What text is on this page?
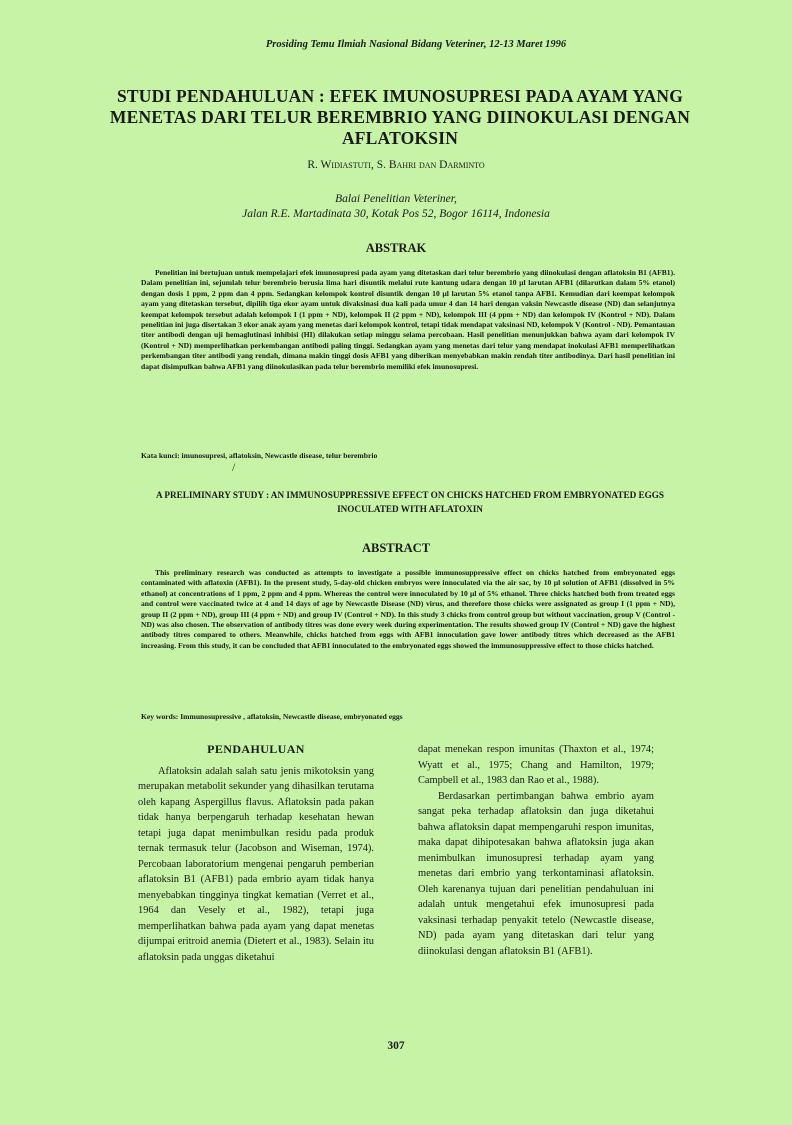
Prosiding Temu Ilmiah Nasional Bidang Veteriner, 12-13 Maret 1996
STUDI PENDAHULUAN : EFEK IMUNOSUPRESI PADA AYAM YANG MENETAS DARI TELUR BEREMBRIO YANG DIINOKULASI DENGAN AFLATOKSIN
R. Widiastuti, S. Bahri dan Darminto
Balai Penelitian Veteriner,
Jalan R.E. Martadinata 30, Kotak Pos 52, Bogor 16114, Indonesia
ABSTRAK
Penelitian ini bertujuan untuk mempelajari efek imunosupresi pada ayam yang ditetaskan dari telur berembrio yang diinokulasi dengan aflatoksin B1 (AFB1). Dalam penelitian ini, sejumlah telur berembrio berusia lima hari disuntik melalui rute kantung udara dengan 10 µl larutan AFB1 (dilarutkan dalam 5% etanol) dengan dosis 1 ppm, 2 ppm dan 4 ppm. Sedangkan kelompok kontrol disuntik dengan 10 µl larutan 5% etanol tanpa AFB1. Kemudian dari keempat kelompok ayam yang ditetaskan tersebut, dipilih tiga ekor ayam untuk divaksinasi dua kali pada umur 4 dan 14 hari dengan vaksin Newcastle disease (ND) dan selanjutnya keempat kelompok tersebut adalah kelompok I (1 ppm + ND), kelompok II (2 ppm + ND), kelompok III (4 ppm + ND) dan kelompok IV (Kontrol + ND). Dalam penelitian ini juga disertakan 3 ekor anak ayam yang menetas dari kelompok kontrol, tetapi tidak mendapat vaksinasi ND, kelompok V (Kontrol - ND). Pemantauan titer antibodi dengan uji hemaglutinasi inhibisi (HI) dilakukan setiap minggu selama percobaan. Hasil penelitian menunjukkan bahwa ayam dari kelompok IV (Kontrol + ND) memperlihatkan perkembangan antibodi paling tinggi. Sedangkan ayam yang menetas dari telur yang mendapat inokulasi AFB1 memperlihatkan perkembangan titer antibodi yang rendah, dimana makin tinggi dosis AFB1 yang diberikan menyebabkan makin rendah titer antibodinya. Dari hasil penelitian ini dapat disimpulkan bahwa AFB1 yang diinokulasikan pada telur berembrio memiliki efek imunosupresi.
Kata kunci: imunosupresi, aflatoksin, Newcastle disease, telur berembrio
/
A PRELIMINARY STUDY : AN IMMUNOSUPPRESSIVE EFFECT ON CHICKS HATCHED FROM EMBRYONATED EGGS INOCULATED WITH AFLATOXIN
ABSTRACT
This preliminary research was conducted as attempts to investigate a possible immunosuppressive effect on chicks hatched from embryonated eggs contaminated with aflatoxin (AFB1). In the present study, 5-day-old chicken embryos were innoculated via the air sac, by 10 µl solution of AFB1 (dissolved in 5% ethanol) at concentrations of 1 ppm, 2 ppm and 4 ppm. Whereas the control were innoculated by 10 µl of 5% ethanol. Three chicks hatched both from treated eggs and control were vaccinated twice at 4 and 14 days of age by Newcastle Disease (ND) virus, and therefore those chicks were assignated as group I (1 ppm + ND), group II (2 ppm + ND), group III (4 ppm + ND) and group IV (Control + ND). In this study 3 chicks from control group but without vaccination, group V (Control - ND) was also chosen. The observation of antibody titres was done every week during experimentation. The results showed group IV (Control + ND) gave the highest antibody titres compared to others. Meanwhile, chicks hatched from eggs with AFB1 innoculation gave lower antibody titres which decreased as the AFB1 increasing. From this study, it can be concluded that AFB1 innoculated to the embryonated eggs showed the immunosuppressive effect to those chicks hatched.
Key words: Immunosupressive , aflatoksin, Newcastle disease, embryonated eggs
PENDAHULUAN

Aflatoksin adalah salah satu jenis mikotoksin yang merupakan metabolit sekunder yang dihasilkan terutama oleh kapang Aspergillus flavus. Aflatoksin pada pakan tidak hanya berpengaruh terhadap kesehatan hewan tetapi juga dapat menimbulkan residu pada produk ternak termasuk telur (Jacobson and Wiseman, 1974). Percobaan laboratorium mengenai pengaruh pemberian aflatoksin B1 (AFB1) pada embrio ayam tidak hanya menyebabkan tingginya tingkat kematian (Verret et al., 1964 dan Vesely et al., 1982), tetapi juga memperlihatkan bahwa pada ayam yang dapat menetas dijumpai eritroid anemia (Dietert et al., 1983). Selain itu aflatoksin pada unggas diketahui

dapat menekan respon imunitas (Thaxton et al., 1974; Wyatt et al., 1975; Chang and Hamilton, 1979; Campbell et al., 1983 dan Rao et al., 1988).

Berdasarkan pertimbangan bahwa embrio ayam sangat peka terhadap aflatoksin dan juga diketahui bahwa aflatoksin dapat mempengaruhi respon imunitas, maka dapat dihipotesakan bahwa aflatoksin juga akan menimbulkan imunosupresi terhadap ayam yang menetas dari embrio yang terkontaminasi aflatoksin. Oleh karenanya tujuan dari penelitian pendahuluan ini adalah untuk mengetahui efek imunosupresi pada vaksinasi terhadap penyakit tetelo (Newcastle disease, ND) pada ayam yang ditetaskan dari telur yang diinokulasi dengan aflatoksin B1 (AFB1).

307
